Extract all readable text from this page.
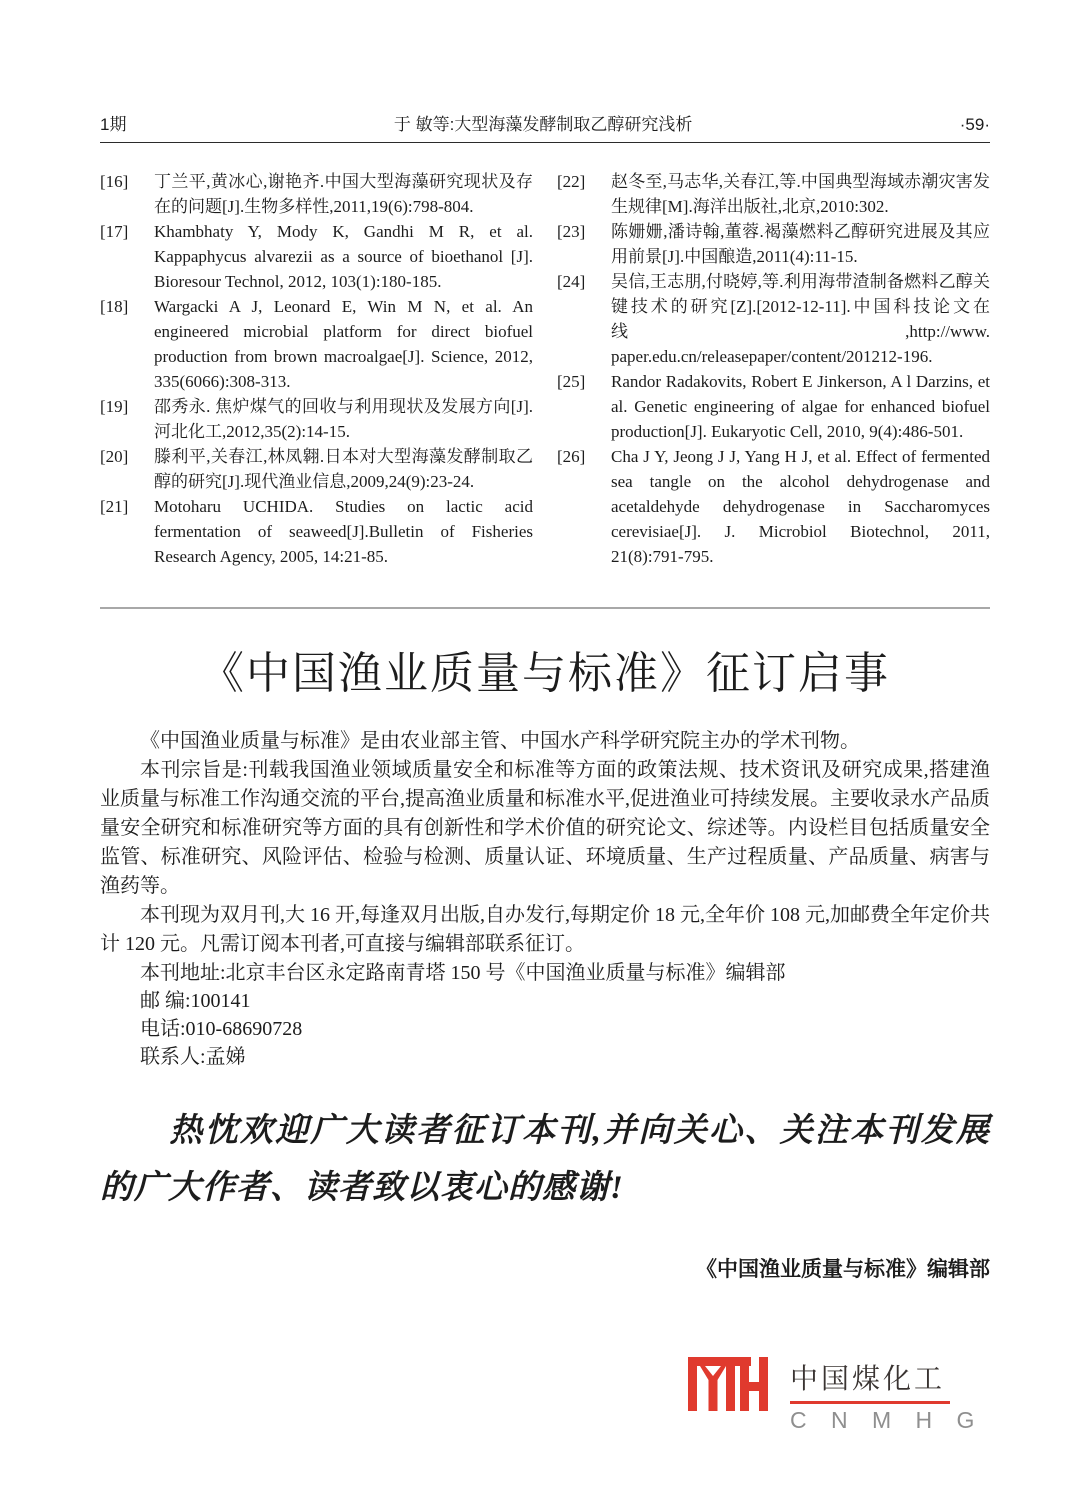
1期	于 敏等:大型海藻发酵制取乙醇研究浅析	·59·
[16]	丁兰平,黄冰心,谢艳齐.中国大型海藻研究现状及存在的问题[J].生物多样性,2011,19(6):798-804.
[17]	Khambhaty Y, Mody K, Gandhi M R, et al. Kappaphycus alvarezii as a source of bioethanol [J]. Bioresour Technol, 2012, 103(1):180-185.
[18]	Wargacki A J, Leonard E, Win M N, et al. An engineered microbial platform for direct biofuel production from brown macroalgae[J]. Science, 2012, 335(6066):308-313.
[19]	邵秀永. 焦炉煤气的回收与利用现状及发展方向[J]. 河北化工,2012,35(2):14-15.
[20]	滕利平,关春江,林凤翱.日本对大型海藻发酵制取乙醇的研究[J].现代渔业信息,2009,24(9):23-24.
[21]	Motoharu UCHIDA. Studies on lactic acid fermentation of seaweed[J].Bulletin of Fisheries Research Agency, 2005, 14:21-85.
[22]	赵冬至,马志华,关春江,等.中国典型海域赤潮灾害发生规律[M].海洋出版社,北京,2010:302.
[23]	陈姗姗,潘诗翰,董蓉.褐藻燃料乙醇研究进展及其应用前景[J].中国酿造,2011(4):11-15.
[24]	吴信,王志朋,付晓婷,等.利用海带渣制备燃料乙醇关键技术的研究[Z].[2012-12-11].中国科技论文在线,http://www. paper.edu.cn/releasepaper/content/201212-196.
[25]	Randor Radakovits, Robert E Jinkerson, A l Darzins, et al. Genetic engineering of algae for enhanced biofuel production[J]. Eukaryotic Cell, 2010, 9(4):486-501.
[26]	Cha J Y, Jeong J J, Yang H J, et al. Effect of fermented sea tangle on the alcohol dehydrogenase and acetaldehyde dehydrogenase in Saccharomyces cerevisiae[J]. J. Microbiol Biotechnol, 2011, 21(8):791-795.
《中国渔业质量与标准》征订启事

《中国渔业质量与标准》是由农业部主管、中国水产科学研究院主办的学术刊物。

本刊宗旨是:刊载我国渔业领域质量安全和标准等方面的政策法规、技术资讯及研究成果,搭建渔业质量与标准工作沟通交流的平台,提高渔业质量和标准水平,促进渔业可持续发展。主要收录水产品质量安全研究和标准研究等方面的具有创新性和学术价值的研究论文、综述等。内设栏目包括质量安全监管、标准研究、风险评估、检验与检测、质量认证、环境质量、生产过程质量、产品质量、病害与渔药等。

本刊现为双月刊,大 16 开,每逢双月出版,自办发行,每期定价 18 元,全年价 108 元,加邮费全年定价共计 120 元。凡需订阅本刊者,可直接与编辑部联系征订。

本刊地址:北京丰台区永定路南青塔 150 号《中国渔业质量与标准》编辑部

邮 编:100141

电话:010-68690728

联系人:孟娣

热忱欢迎广大读者征订本刊,并向关心、关注本刊发展的广大作者、读者致以衷心的感谢!

《中国渔业质量与标准》编辑部

中国煤化工
C N M H G
